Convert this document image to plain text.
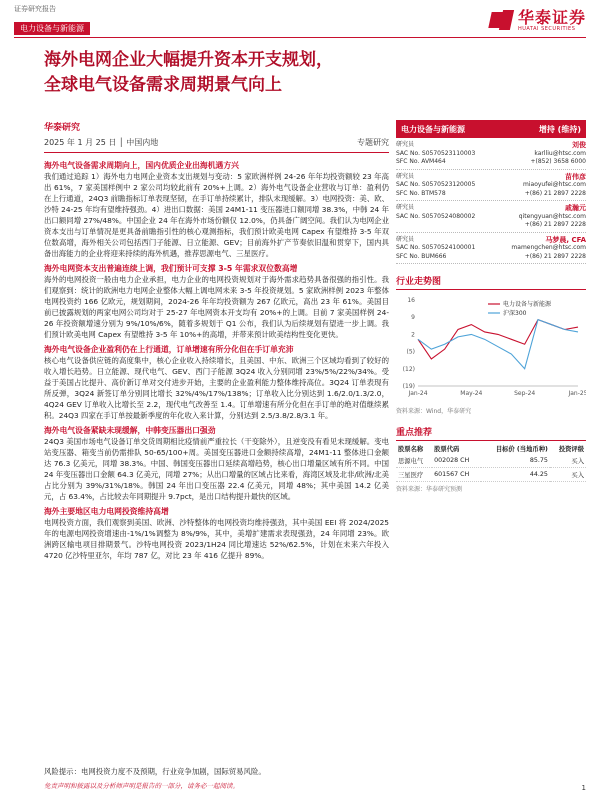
证券研究报告	华泰证券
HUATAI SECURITIES
电力设备与新能源
海外电网企业大幅提升资本开支规划，
全球电气设备需求周期景气向上
华泰研究
2025 年 1 月 25 日 │ 中国内地	专题研究
海外电气设备需求周期向上，国内优质企业出海机遇方兴
我们通过追踪 1）海外电力电网企业资本支出规划与变动：5 家欧洲样例 24-26 年年均投资额较 23 年高出 61%，7 家美国样例中 2 家公司均较此前有 20%+上调。2）海外电气设备企业营收与订单：盈利仍在上行通道，24Q3 前瞻指标订单表现坚韧，在手订单持续累计，排队未现缓解。3）电网投资：美、欧、沙特 24-25 年均有望维持强劲。4）进出口数据：美国 24M1-11 变压器进口额同增 38.3%，中韩 24 年出口额同增 27%/48%。中国企业 24 年在海外市场份额仅 12.0%，仍具备广阔空间。我们认为电网企业资本支出与订单情况是更具备前瞻指引性的核心观测指标，我们预计欧美电网 Capex 有望维持 3-5 年双位数高增，海外相关公司包括西门子能源、日立能源、GEV；目前海外扩产节奏依旧温和贯穿下，国内具备出海能力的企业将迎来持续的海外机遇，推荐思源电气、三星医疗。
海外电网资本支出普遍连续上调，我们预计可支撑 3-5 年需求双位数高增
海外的电网投资一般由电力企业承担，电力企业的电网投资规划对于海外需求趋势具备很强的指引性。我们观察到：统计的欧洲电力电网企业整体大幅上调电网未来 3-5 年投资规划。5 家欧洲样例 2023 年整体电网投资约 166 亿欧元，规划期间，2024-26 年年均投资额为 267 亿欧元，高出 23 年 61%。美国目前已披露规划的两家电网公司均对于 25-27 年电网资本开支均有 20%+的上调。目前 7 家美国样例 24-26 年投资额增速分别为 9%/10%/6%，随着多规划于 Q1 公布，我们认为后续规划有望进一步上调。我们预计欧美电网 Capex 有望维持 3-5 年 10%+的高增，并带来预计欧美结构性变化更快。
海外电气设备企业盈利仍在上行通道，订单增速有所分化但在手订单充沛
核心电气设备供应链的高度集中，核心企业收入持续增长，且美国、中东、欧洲三个区域均看到了较好的收入增长趋势。日立能源、现代电气、GEV、西门子能源 3Q24 收入分别同增 23%/5%/22%/34%。受益于美国占比提升、高价新订单对交付进步开始，主要的企业盈利能力整体维持高位。3Q24 订单表现有所反弹，3Q24 新签订单分别同比增长 32%/4%/17%/138%；订单收入比分别达到 1.6/2.0/1.3/2.0，4Q24 GEV 订单收入比增长至 2.2，现代电气改善至 1.4。订单增速有所分化但在手订单的绝对值继续累积。24Q3 四家在手订单按最新季度的年化收入来计算，分别达到 2.5/3.8/2.8/3.1 年。
海外电气设备紧缺未现缓解，中韩变压器出口强劲
24Q3 美国市场电气设备订单交货周期相比疫情前严重拉长（干变除外），且逆变没有看见未现缓解。变电站变压器、箱变当前仍需排队 50-65/100+周。美国变压器进口金额持续高增，24M1-11 整体进口金额达 76.3 亿美元，同增 38.3%。中国、韩国变压器出口延续高增趋势，核心出口增量区域有所不同。中国 24 年变压器出口金额 64.3 亿美元，同增 27%；从出口增量的区域占比来看，海湾区域及北非/欧洲/北美占比分别为 39%/31%/18%。韩国 24 年出口变压器 22.4 亿美元，同增 48%；其中美国 14.2 亿美元，占 63.4%，占比较去年同期提升 9.7pct，是出口结构提升最快的区域。
海外主要地区电力电网投资维持高增
电网投资方面，我们观察到美国、欧洲、沙特整体的电网投资均维持强劲，其中美国 EEI 将 2024/2025 年的电源电网投资增速由-1%/1%调整为 8%/9%，其中，美增扩建需求表现强劲，24 年同增 23%。欧洲跨区输电项目排期景气。沙特电网投资 2023/1H24 同比增速达 52%/62.5%，计划在未来六年投入 4720 亿沙特里亚尔，年均 787 亿，对比 23 年 416 亿提升 89%。
风险提示：电网投资力度不及预期，行业竞争加剧，国际贸易风险。
免责声明和披露以及分析师声明是报告的一部分，请务必一起阅读。	1
电力设备与新能源	增持 (维持)
研究员	刘俊
SAC No. S0570523110003	karlliu@htsc.com
SFC No. AVM464	+(852) 3658 6000
研究员	苗伟彦
SAC No. S0570523120005	miaoyufei@htsc.com
SFC No. BTM578	+(86) 21 2897 2228
研究员	戚瀚元
SAC No. S0570524080002	qitengyuan@htsc.com
+(86) 21 2897 2228
研究员	马梦晨, CFA
SAC No. S0570524100001	mamengchen@htsc.com
SFC No. BUM666	+(86) 21 2897 2228
行业走势图
16
9
2
(5)
(12)
(19)
Jan-24	May-24	Sep-24	Jan-25
电力设备与新能源
沪深300
资料来源：Wind，华泰研究
重点推荐
股票名称	股票代码	目标价 (当地币种)	投资评级
思源电气	002028 CH	85.75	买入
三星医疗	601567 CH	44.25	买入
资料来源：华泰研究预测
